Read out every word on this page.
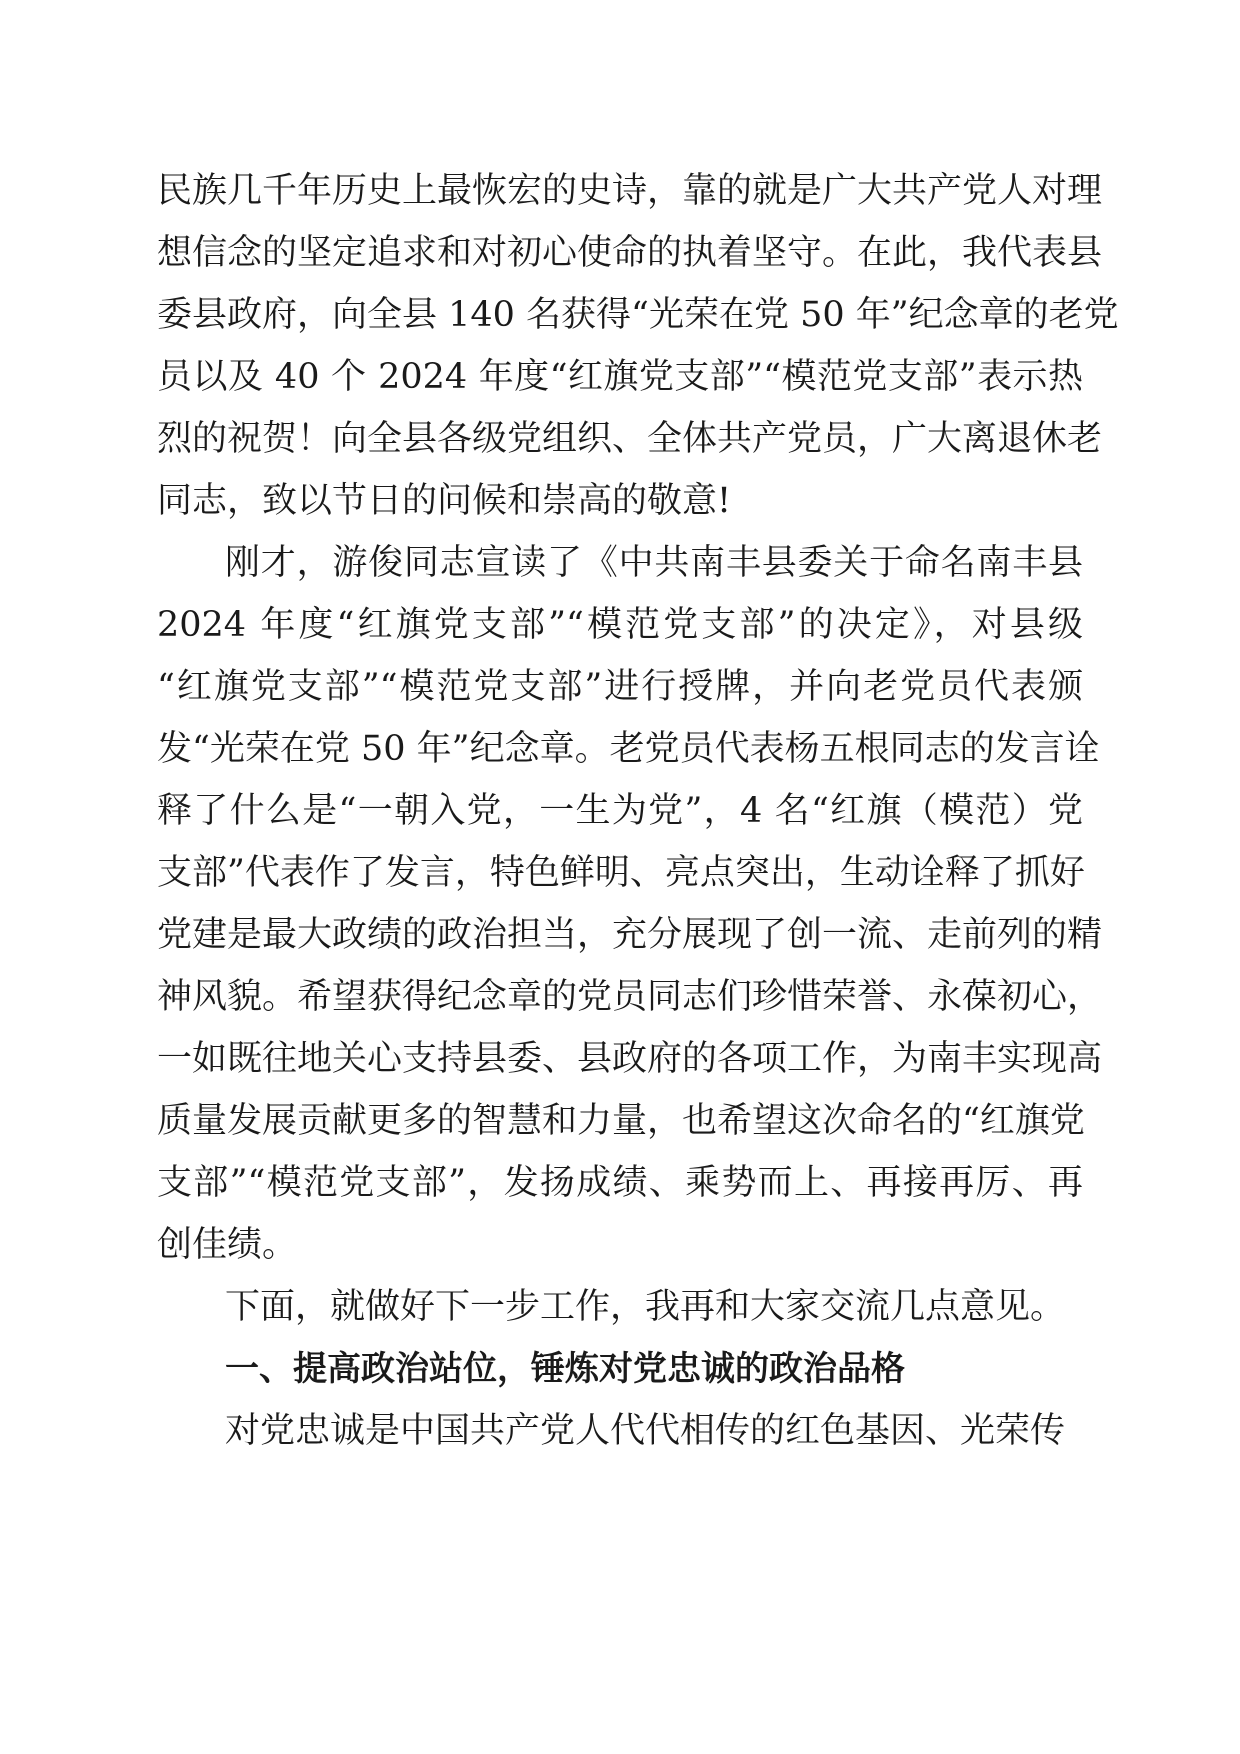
民族几千年历史上最恢宏的史诗，靠的就是广大共产党人对理
想信念的坚定追求和对初心使命的执着坚守。在此，我代表县
委县政府，向全县 140 名获得“光荣在党 50 年”纪念章的老党
员以及 40 个 2024 年度“红旗党支部”“模范党支部”表示热
烈的祝贺！向全县各级党组织、全体共产党员，广大离退休老
同志，致以节日的问候和崇高的敬意!
刚才，游俊同志宣读了《中共南丰县委关于命名南丰县
2024 年度“红旗党支部”“模范党支部”的决定》，对县级
“红旗党支部”“模范党支部”进行授牌，并向老党员代表颁
发“光荣在党 50 年”纪念章。老党员代表杨五根同志的发言诠
释了什么是“一朝入党，一生为党”，4 名“红旗（模范）党
支部”代表作了发言，特色鲜明、亮点突出，生动诠释了抓好
党建是最大政绩的政治担当，充分展现了创一流、走前列的精
神风貌。希望获得纪念章的党员同志们珍惜荣誉、永葆初心，
一如既往地关心支持县委、县政府的各项工作，为南丰实现高
质量发展贡献更多的智慧和力量，也希望这次命名的“红旗党
支部”“模范党支部”，发扬成绩、乘势而上、再接再厉、再
创佳绩。
下面，就做好下一步工作，我再和大家交流几点意见。
一、提高政治站位，锤炼对党忠诚的政治品格
对党忠诚是中国共产党人代代相传的红色基因、光荣传
